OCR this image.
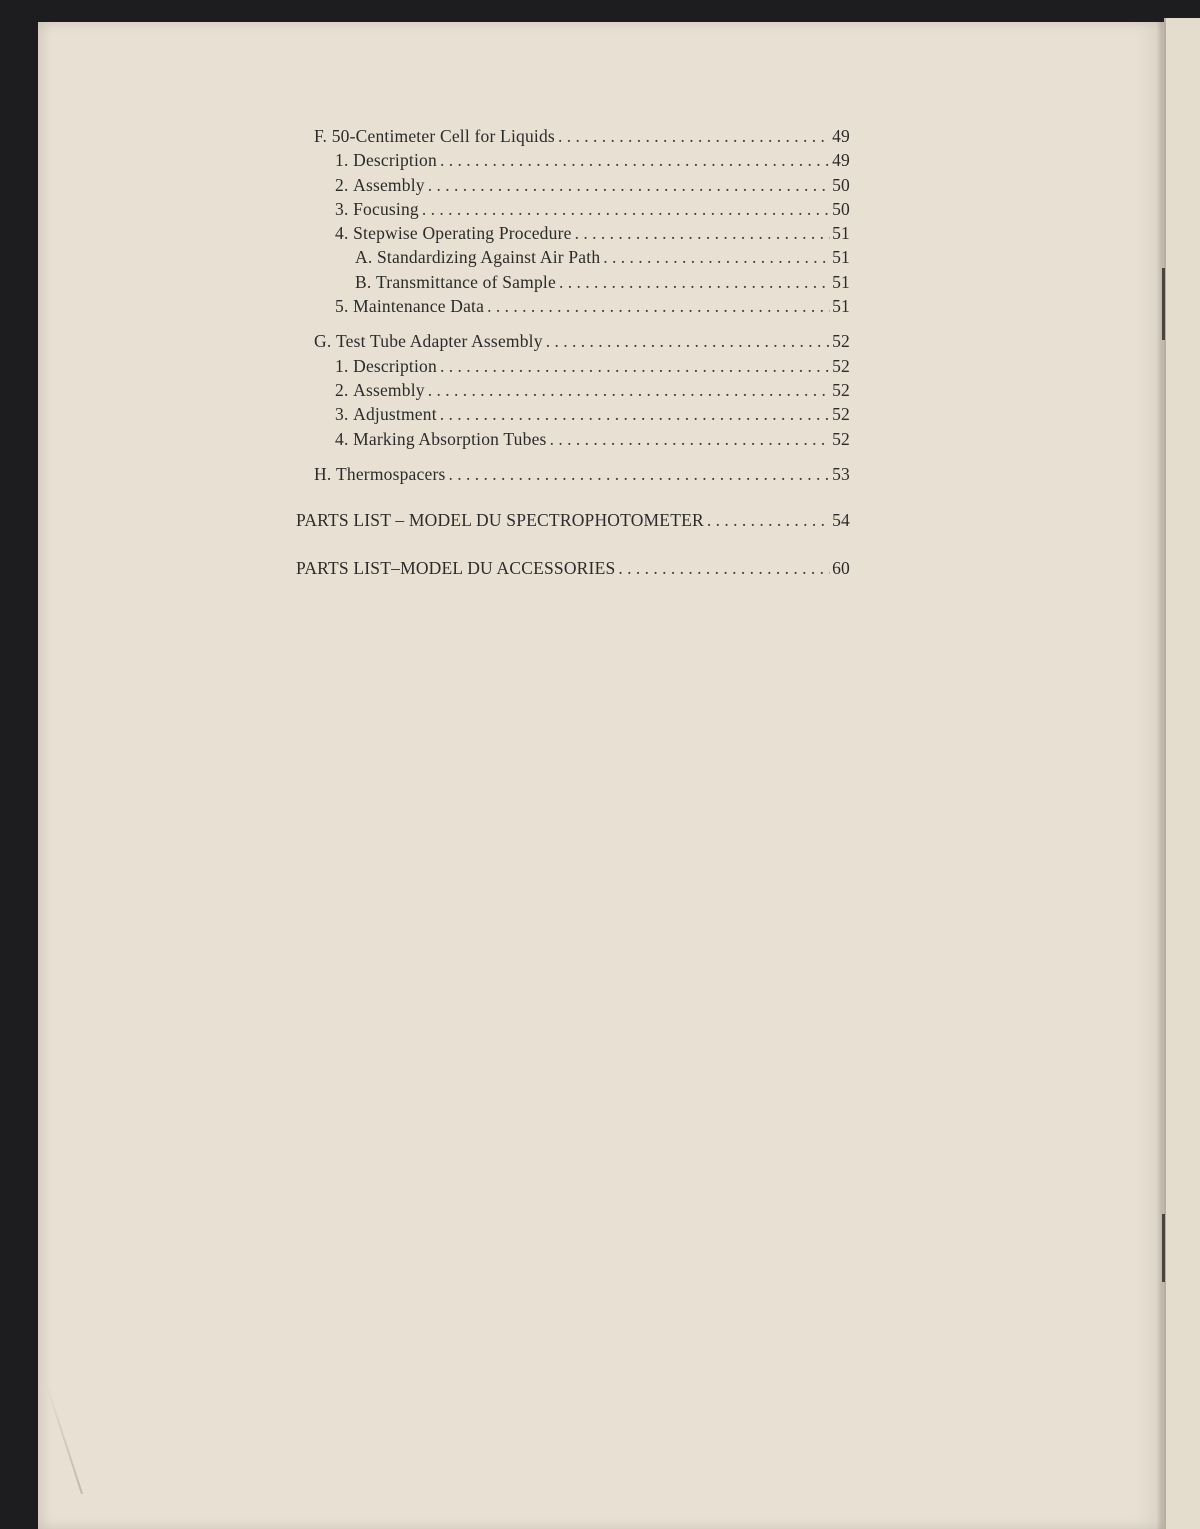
F. 50-Centimeter Cell for Liquids . . .	49
1. Description . . .	49
2. Assembly . . .	50
3. Focusing . . .	50
4. Stepwise Operating Procedure . . .	51
A. Standardizing Against Air Path . . .	51
B. Transmittance of Sample . . .	51
5. Maintenance Data . . .	51
G. Test Tube Adapter Assembly . . .	52
1. Description . . .	52
2. Assembly . . .	52
3. Adjustment . . .	52
4. Marking Absorption Tubes . . .	52
H. Thermospacers . . .	53
PARTS LIST – MODEL DU SPECTROPHOTOMETER . . .	54
PARTS LIST–MODEL DU ACCESSORIES . . .	60
